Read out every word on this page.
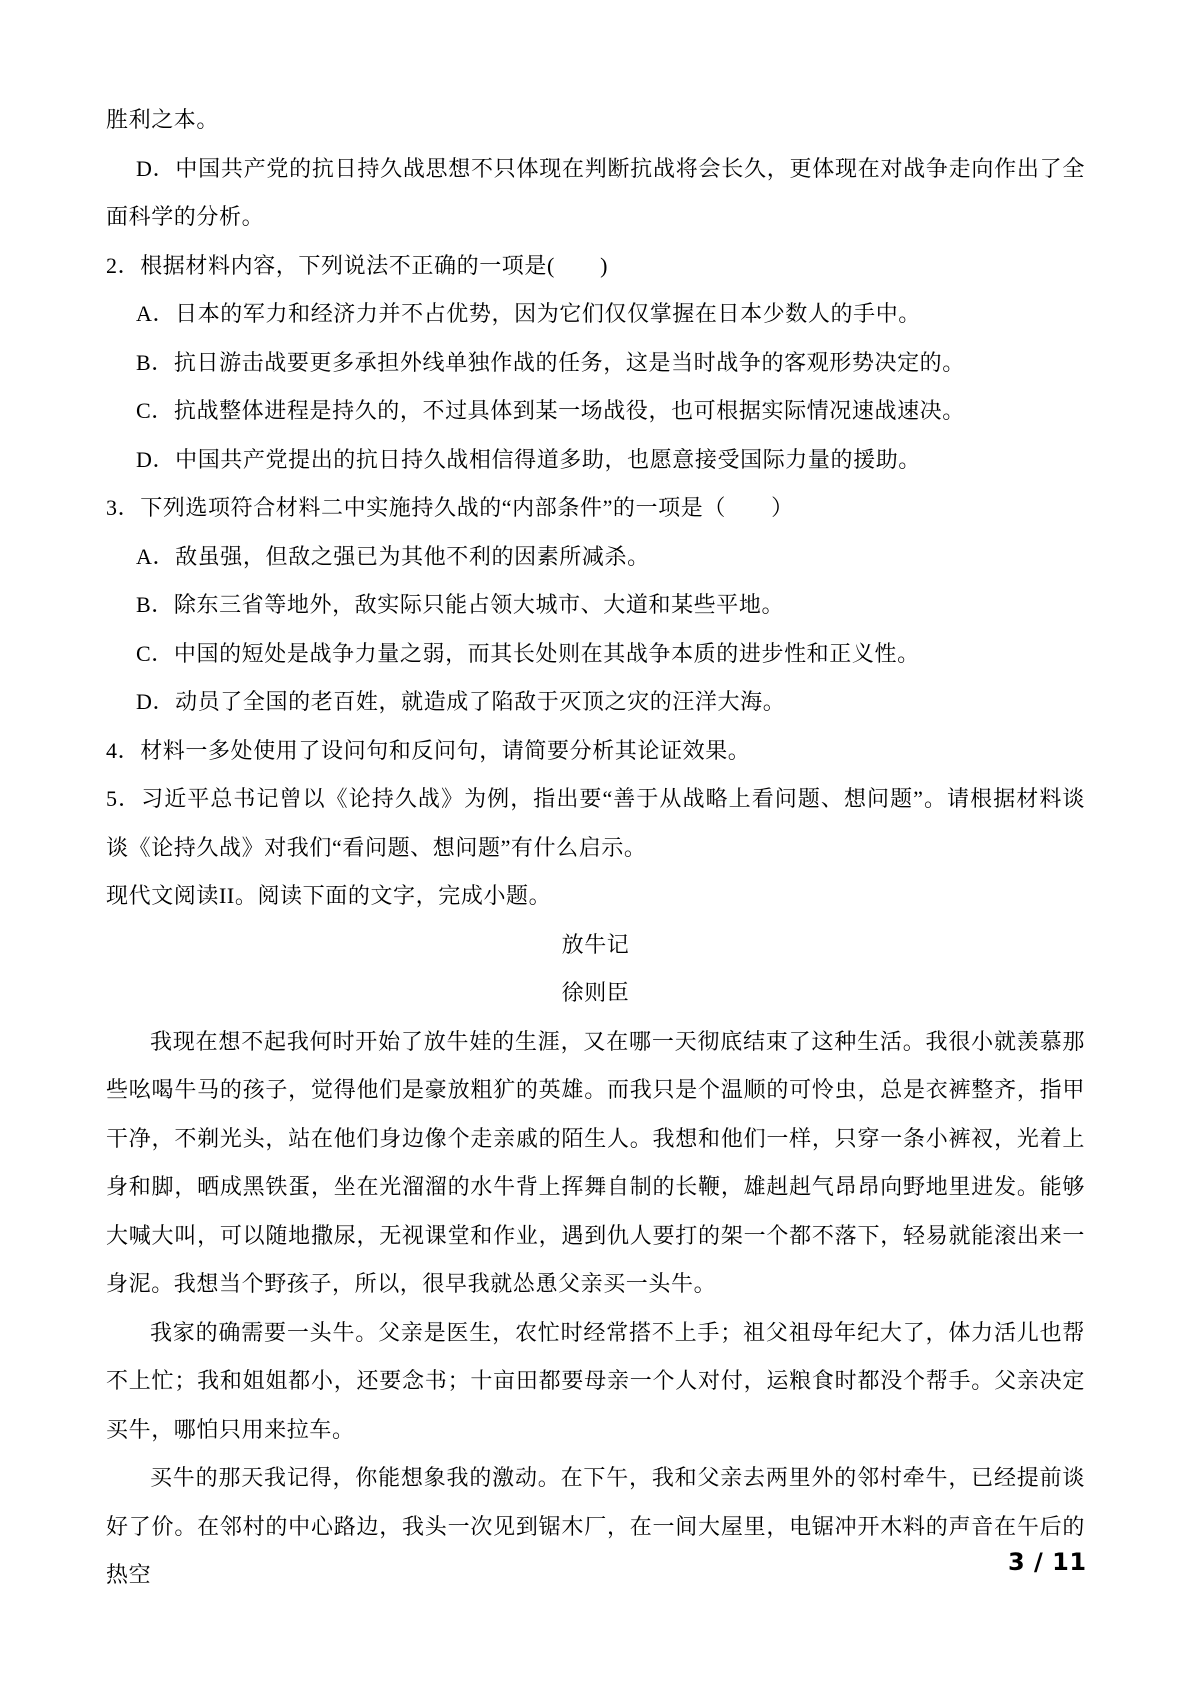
胜利之本。

D．中国共产党的抗日持久战思想不只体现在判断抗战将会长久，更体现在对战争走向作出了全面科学的分析。

2．根据材料内容，下列说法不正确的一项是(　　)

A．日本的军力和经济力并不占优势，因为它们仅仅掌握在日本少数人的手中。

B．抗日游击战要更多承担外线单独作战的任务，这是当时战争的客观形势决定的。

C．抗战整体进程是持久的，不过具体到某一场战役，也可根据实际情况速战速决。

D．中国共产党提出的抗日持久战相信得道多助，也愿意接受国际力量的援助。

3．下列选项符合材料二中实施持久战的“内部条件”的一项是（　　）

A．敌虽强，但敌之强已为其他不利的因素所减杀。

B．除东三省等地外，敌实际只能占领大城市、大道和某些平地。

C．中国的短处是战争力量之弱，而其长处则在其战争本质的进步性和正义性。

D．动员了全国的老百姓，就造成了陷敌于灭顶之灾的汪洋大海。

4．材料一多处使用了设问句和反问句，请简要分析其论证效果。

5．习近平总书记曾以《论持久战》为例，指出要“善于从战略上看问题、想问题”。请根据材料谈谈《论持久战》对我们“看问题、想问题”有什么启示。

现代文阅读II。阅读下面的文字，完成小题。

放牛记

徐则臣

我现在想不起我何时开始了放牛娃的生涯，又在哪一天彻底结束了这种生活。我很小就羡慕那些吆喝牛马的孩子，觉得他们是豪放粗犷的英雄。而我只是个温顺的可怜虫，总是衣裤整齐，指甲干净，不剃光头，站在他们身边像个走亲戚的陌生人。我想和他们一样，只穿一条小裤衩，光着上身和脚，晒成黑铁蛋，坐在光溜溜的水牛背上挥舞自制的长鞭，雄赳赳气昂昂向野地里进发。能够大喊大叫，可以随地撒尿，无视课堂和作业，遇到仇人要打的架一个都不落下，轻易就能滚出来一身泥。我想当个野孩子，所以，很早我就怂恿父亲买一头牛。

我家的确需要一头牛。父亲是医生，农忙时经常搭不上手；祖父祖母年纪大了，体力活儿也帮不上忙；我和姐姐都小，还要念书；十亩田都要母亲一个人对付，运粮食时都没个帮手。父亲决定买牛，哪怕只用来拉车。

买牛的那天我记得，你能想象我的激动。在下午，我和父亲去两里外的邻村牵牛，已经提前谈好了价。在邻村的中心路边，我头一次见到锯木厂，在一间大屋里，电锯冲开木料的声音在午后的热空	3 / 11
